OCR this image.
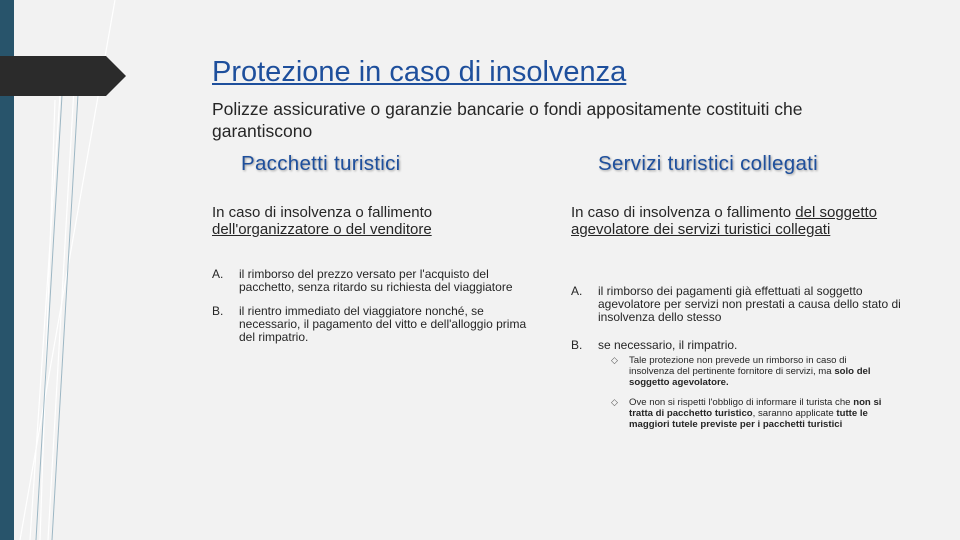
Protezione in caso di insolvenza

Polizze assicurative o garanzie bancarie o fondi appositamente costituiti che garantiscono

Pacchetti turistici	Servizi turistici collegati

In caso di insolvenza o fallimento
dell'organizzatore o del venditore

In caso di insolvenza o fallimento del soggetto agevolatore dei servizi turistici collegati

A.	il rimborso del prezzo versato per l'acquisto del pacchetto, senza ritardo su richiesta del viaggiatore
B.	il rientro immediato del viaggiatore nonché, se necessario, il pagamento del vitto e dell'alloggio prima del rimpatrio.
A.	il rimborso dei pagamenti già effettuati al soggetto agevolatore per servizi non prestati a causa dello stato di insolvenza dello stesso
B.	se necessario, il rimpatrio.
◇	Tale protezione non prevede un rimborso in caso di insolvenza del pertinente fornitore di servizi, ma solo del soggetto agevolatore.
◇	Ove non si rispetti l'obbligo di informare il turista che non si tratta di pacchetto turistico, saranno applicate tutte le maggiori tutele previste per i pacchetti turistici
